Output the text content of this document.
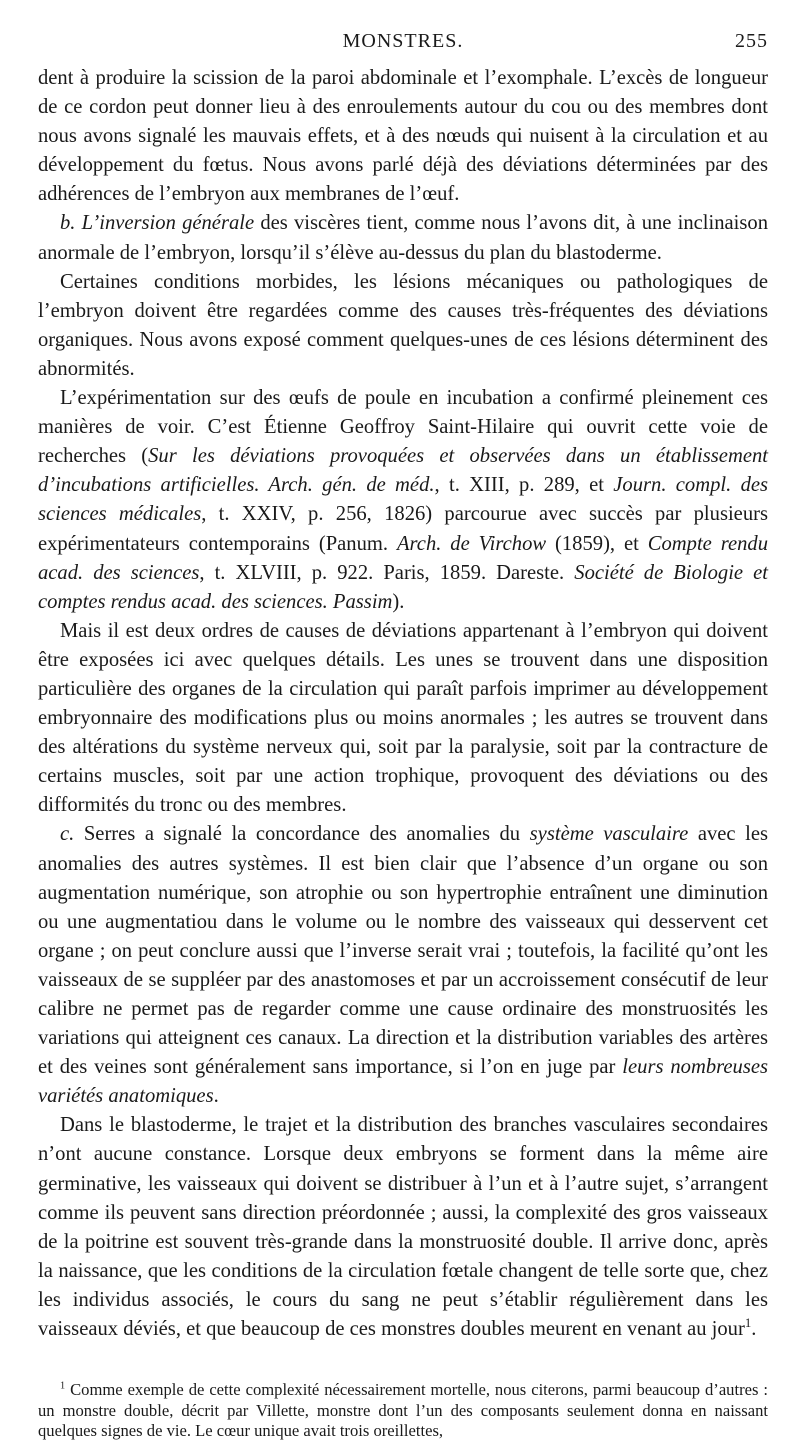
MONSTRES.	255

dent à produire la scission de la paroi abdominale et l’exomphale. L’excès de longueur de ce cordon peut donner lieu à des enroulements autour du cou ou des membres dont nous avons signalé les mauvais effets, et à des nœuds qui nuisent à la circulation et au développement du fœtus. Nous avons parlé déjà des déviations déterminées par des adhérences de l’embryon aux membranes de l’œuf.

b. L’inversion générale des viscères tient, comme nous l’avons dit, à une inclinaison anormale de l’embryon, lorsqu’il s’élève au-dessus du plan du blastoderme.

Certaines conditions morbides, les lésions mécaniques ou pathologiques de l’embryon doivent être regardées comme des causes très-fréquentes des déviations organiques. Nous avons exposé comment quelques-unes de ces lésions déterminent des abnormités.

L’expérimentation sur des œufs de poule en incubation a confirmé pleinement ces manières de voir. C’est Étienne Geoffroy Saint-Hilaire qui ouvrit cette voie de recherches (Sur les déviations provoquées et observées dans un établissement d’incubations artificielles. Arch. gén. de méd., t. XIII, p. 289, et Journ. compl. des sciences médicales, t. XXIV, p. 256, 1826) parcourue avec succès par plusieurs expérimentateurs contemporains (Panum. Arch. de Virchow (1859), et Compte rendu acad. des sciences, t. XLVIII, p. 922. Paris, 1859. Dareste. Société de Biologie et comptes rendus acad. des sciences. Passim).

Mais il est deux ordres de causes de déviations appartenant à l’embryon qui doivent être exposées ici avec quelques détails. Les unes se trouvent dans une disposition particulière des organes de la circulation qui paraît parfois imprimer au développement embryonnaire des modifications plus ou moins anormales ; les autres se trouvent dans des altérations du système nerveux qui, soit par la paralysie, soit par la contracture de certains muscles, soit par une action trophique, provoquent des déviations ou des difformités du tronc ou des membres.

c. Serres a signalé la concordance des anomalies du système vasculaire avec les anomalies des autres systèmes. Il est bien clair que l’absence d’un organe ou son augmentation numérique, son atrophie ou son hypertrophie entraînent une diminution ou une augmentatiou dans le volume ou le nombre des vaisseaux qui desservent cet organe ; on peut conclure aussi que l’inverse serait vrai ; toutefois, la facilité qu’ont les vaisseaux de se suppléer par des anastomoses et par un accroissement consécutif de leur calibre ne permet pas de regarder comme une cause ordinaire des monstruosités les variations qui atteignent ces canaux. La direction et la distribution variables des artères et des veines sont généralement sans importance, si l’on en juge par leurs nombreuses variétés anatomiques.

Dans le blastoderme, le trajet et la distribution des branches vasculaires secondaires n’ont aucune constance. Lorsque deux embryons se forment dans la même aire germinative, les vaisseaux qui doivent se distribuer à l’un et à l’autre sujet, s’arrangent comme ils peuvent sans direction préordonnée ; aussi, la complexité des gros vaisseaux de la poitrine est souvent très-grande dans la monstruosité double. Il arrive donc, après la naissance, que les conditions de la circulation fœtale changent de telle sorte que, chez les individus associés, le cours du sang ne peut s’établir régulièrement dans les vaisseaux déviés, et que beaucoup de ces monstres doubles meurent en venant au jour$^1$.

$^1$ Comme exemple de cette complexité nécessairement mortelle, nous citerons, parmi beaucoup d’autres : un monstre double, décrit par Villette, monstre dont l’un des composants seulement donna en naissant quelques signes de vie. Le cœur unique avait trois oreillettes,
